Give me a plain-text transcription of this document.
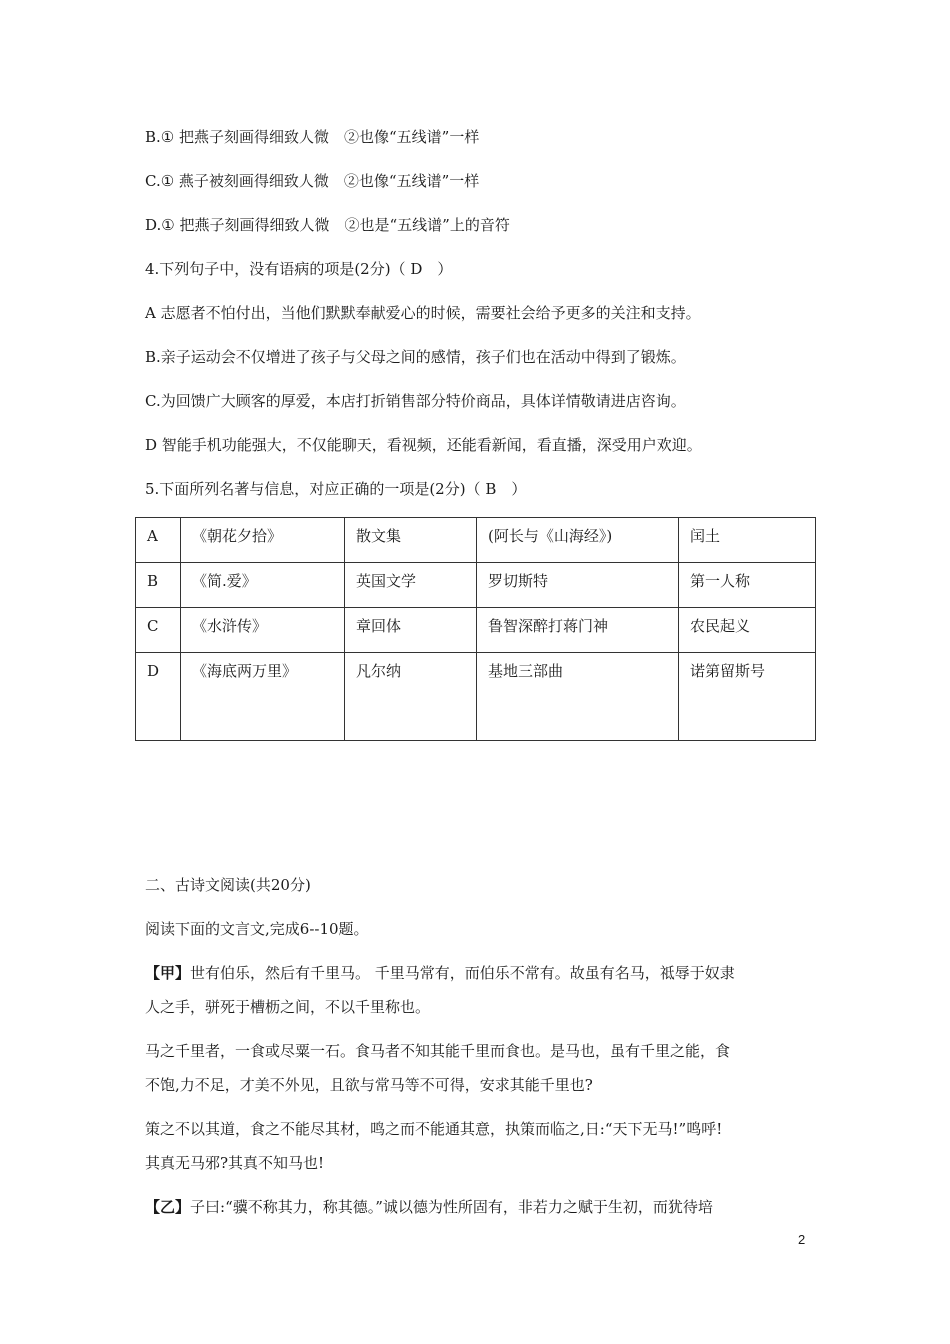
B.① 把燕子刻画得细致人微　②也像“五线谱”一样
C.① 燕子被刻画得细致人微　②也像“五线谱”一样
D.① 把燕子刻画得细致人微　②也是“五线谱”上的音符
4.下列句子中，没有语病的项是(2分)（ D　）
A 志愿者不怕付出，当他们默默奉献爱心的时候，需要社会给予更多的关注和支持。
B.亲子运动会不仅增进了孩子与父母之间的感情，孩子们也在活动中得到了锻炼。
C.为回馈广大顾客的厚爱，本店打折销售部分特价商品，具体详情敬请进店咨询。
D 智能手机功能强大，不仅能聊天，看视频，还能看新闻，看直播，深受用户欢迎。
5.下面所列名著与信息，对应正确的一项是(2分)（ B　）
A	《朝花夕拾》	散文集	(阿长与《山海经》)	闰土
B	《简.爱》	英国文学	罗切斯特	第一人称
C	《水浒传》	章回体	鲁智深醉打蒋门神	农民起义
D	《海底两万里》	凡尔纳	基地三部曲	诺第留斯号
二、古诗文阅读(共20分)
阅读下面的文言文,完成6--10题。
【甲】世有伯乐，然后有千里马。 千里马常有，而伯乐不常有。故虽有名马，祗辱于奴隶
人之手，骈死于槽枥之间，不以千里称也。
马之千里者，一食或尽粟一石。食马者不知其能千里而食也。是马也，虽有千里之能，食
不饱,力不足，才美不外见，且欲与常马等不可得，安求其能千里也?
策之不以其道，食之不能尽其材，鸣之而不能通其意，执策而临之,日:“天下无马!”鸣呼!
其真无马邪?其真不知马也!
【乙】子曰:“骥不称其力，称其德。”诚以德为性所固有，非若力之赋于生初，而犹待培
2
